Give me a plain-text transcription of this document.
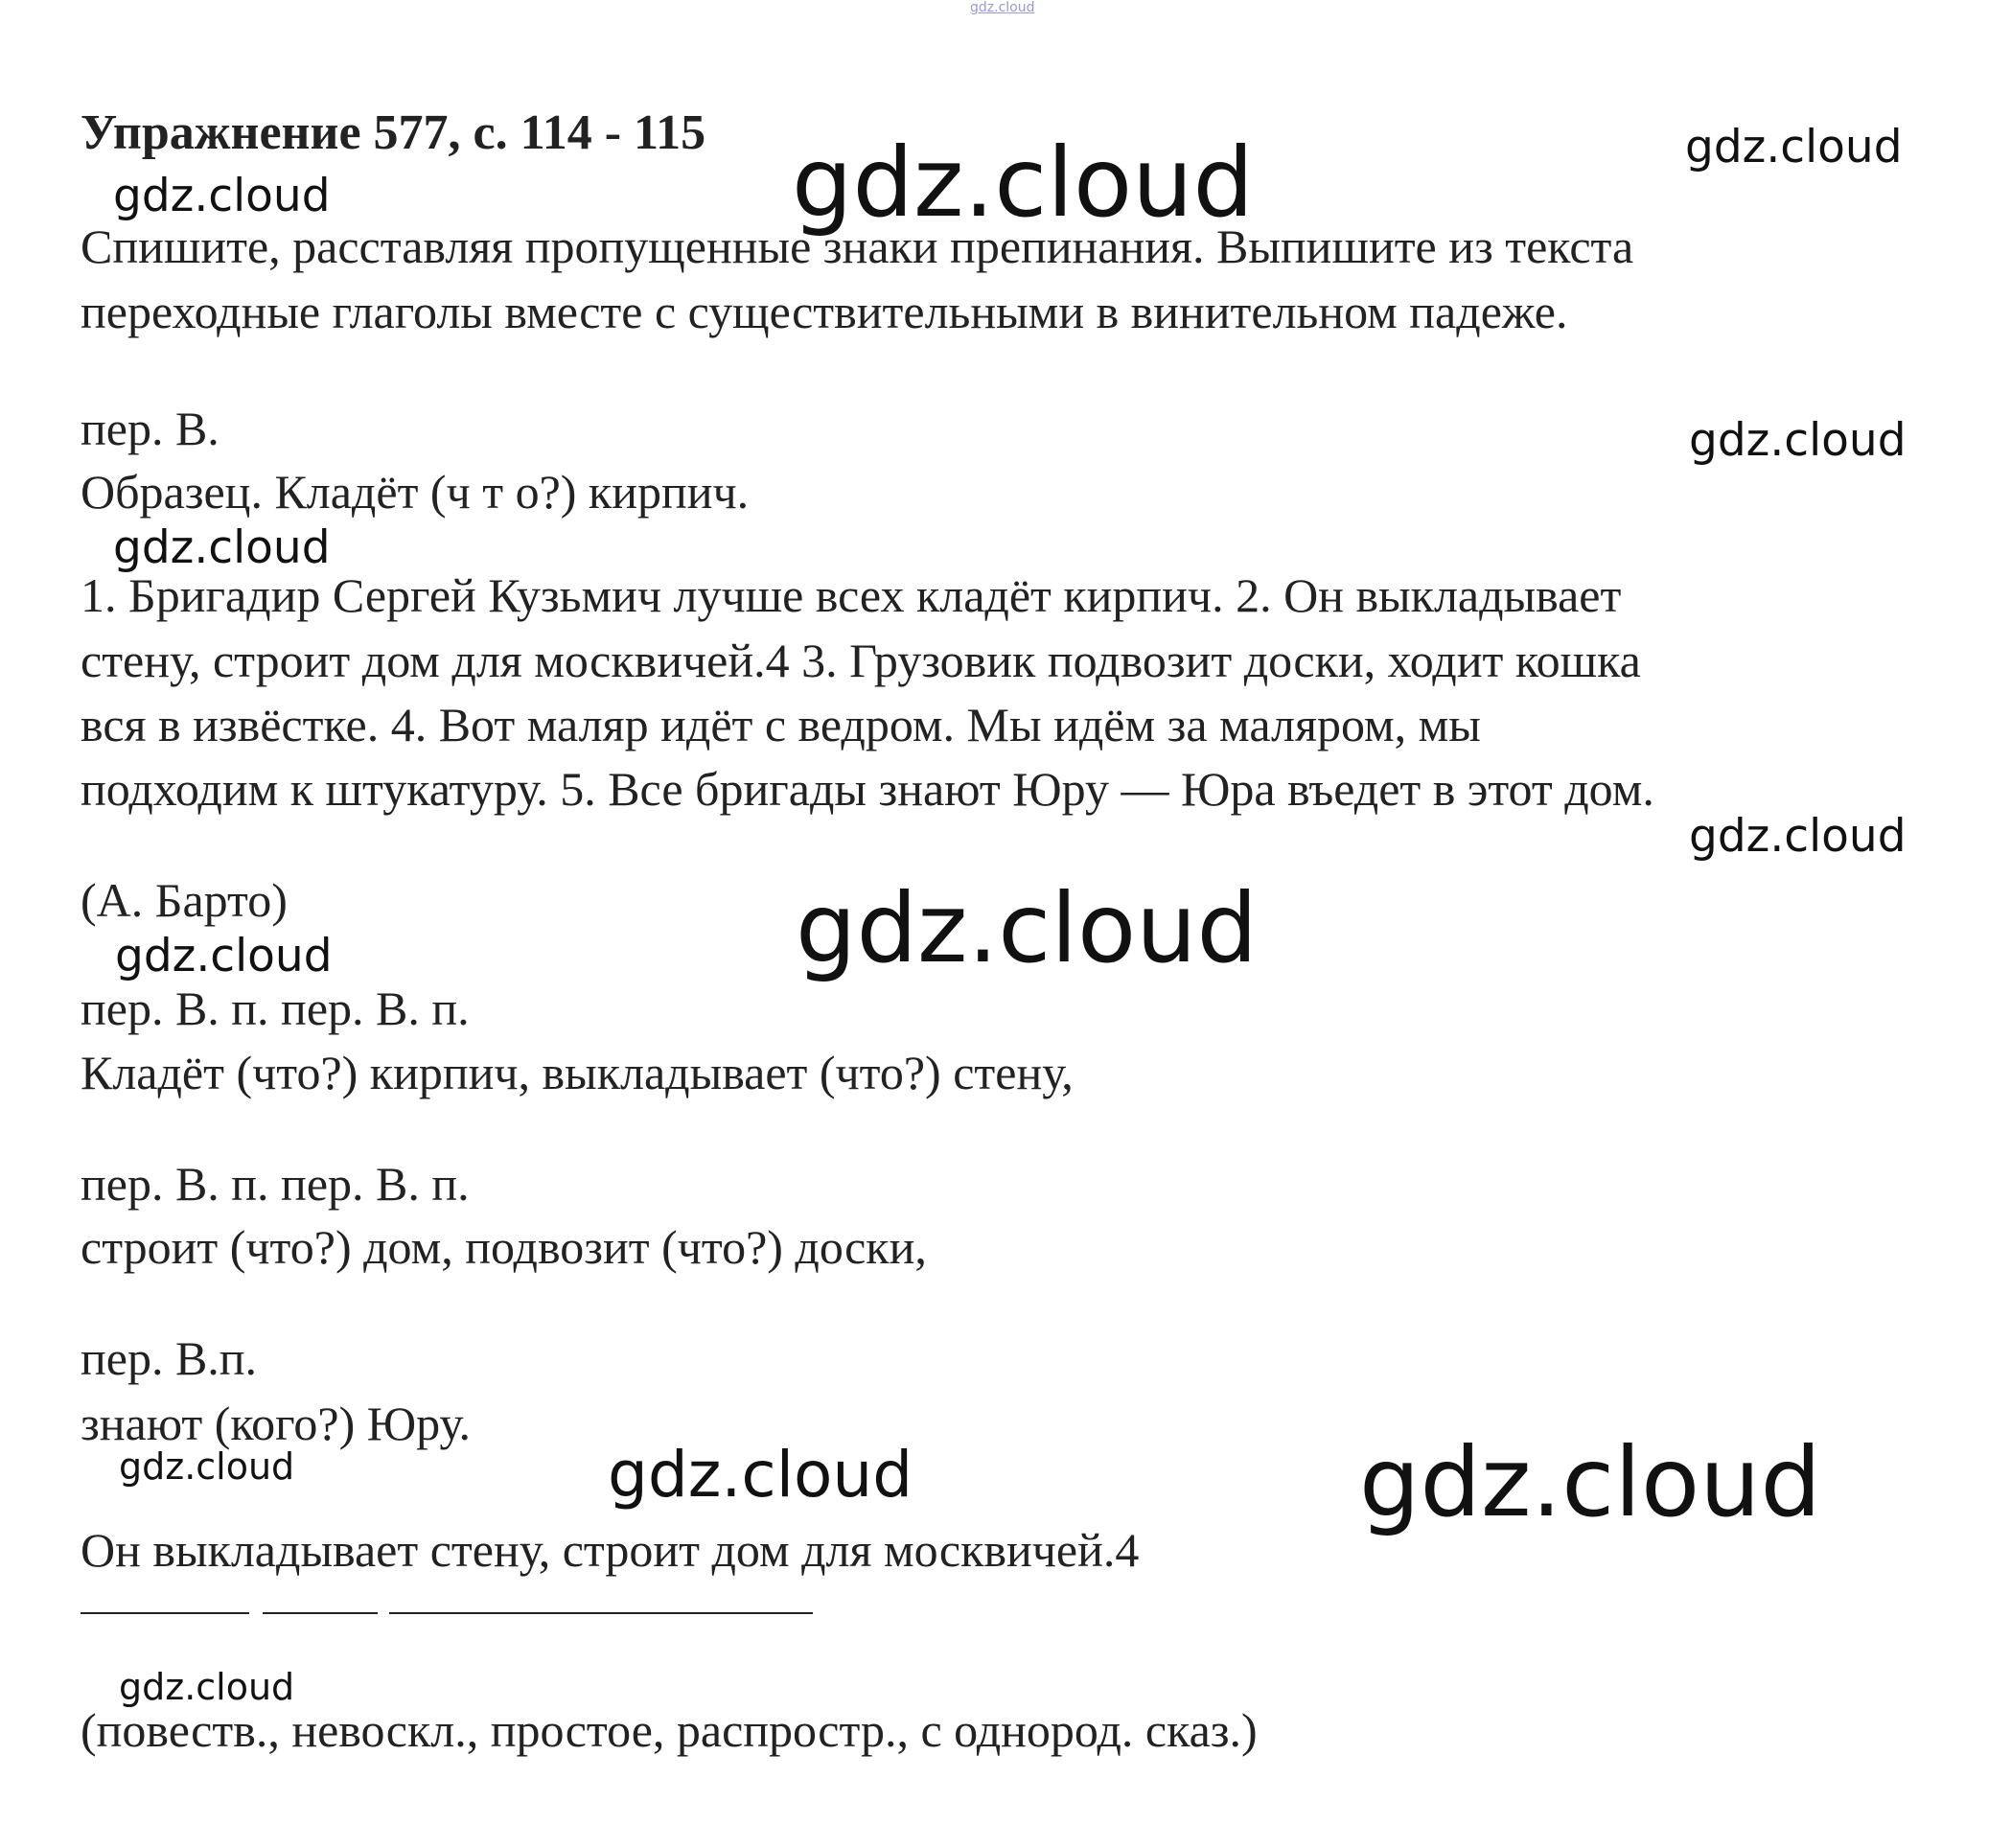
gdz.cloud
Упражнение 577, с. 114 - 115
Спишите, расставляя пропущенные знаки препинания. Выпишите из текста
переходные глаголы вместе с существительными в винительном падеже.
пер. В.
Образец. Кладёт (ч т о?) кирпич.
1. Бригадир Сергей Кузьмич лучше всех кладёт кирпич. 2. Он выкладывает
стену, строит дом для москвичей.4 3. Грузовик подвозит доски, ходит кошка
вся в извёстке. 4. Вот маляр идёт с ведром. Мы идём за маляром, мы
подходим к штукатуру. 5. Все бригады знают Юру — Юра въедет в этот дом.
(А. Барто)
пер. В. п. пер. В. п.
Кладёт (что?) кирпич, выкладывает (что?) стену,
пер. В. п. пер. В. п.
строит (что?) дом, подвозит (что?) доски,
пер. В.п.
знают (кого?) Юру.
Он выкладывает стену, строит дом для москвичей.4
(повеств., невоскл., простое, распростр., с однород. сказ.)
gdz.cloud
gdz.cloud	gdz.cloud
gdz.cloud
gdz.cloud
gdz.cloud
gdz.cloud
gdz.cloud
gdz.cloud	gdz.cloud	gdz.cloud
gdz.cloud
